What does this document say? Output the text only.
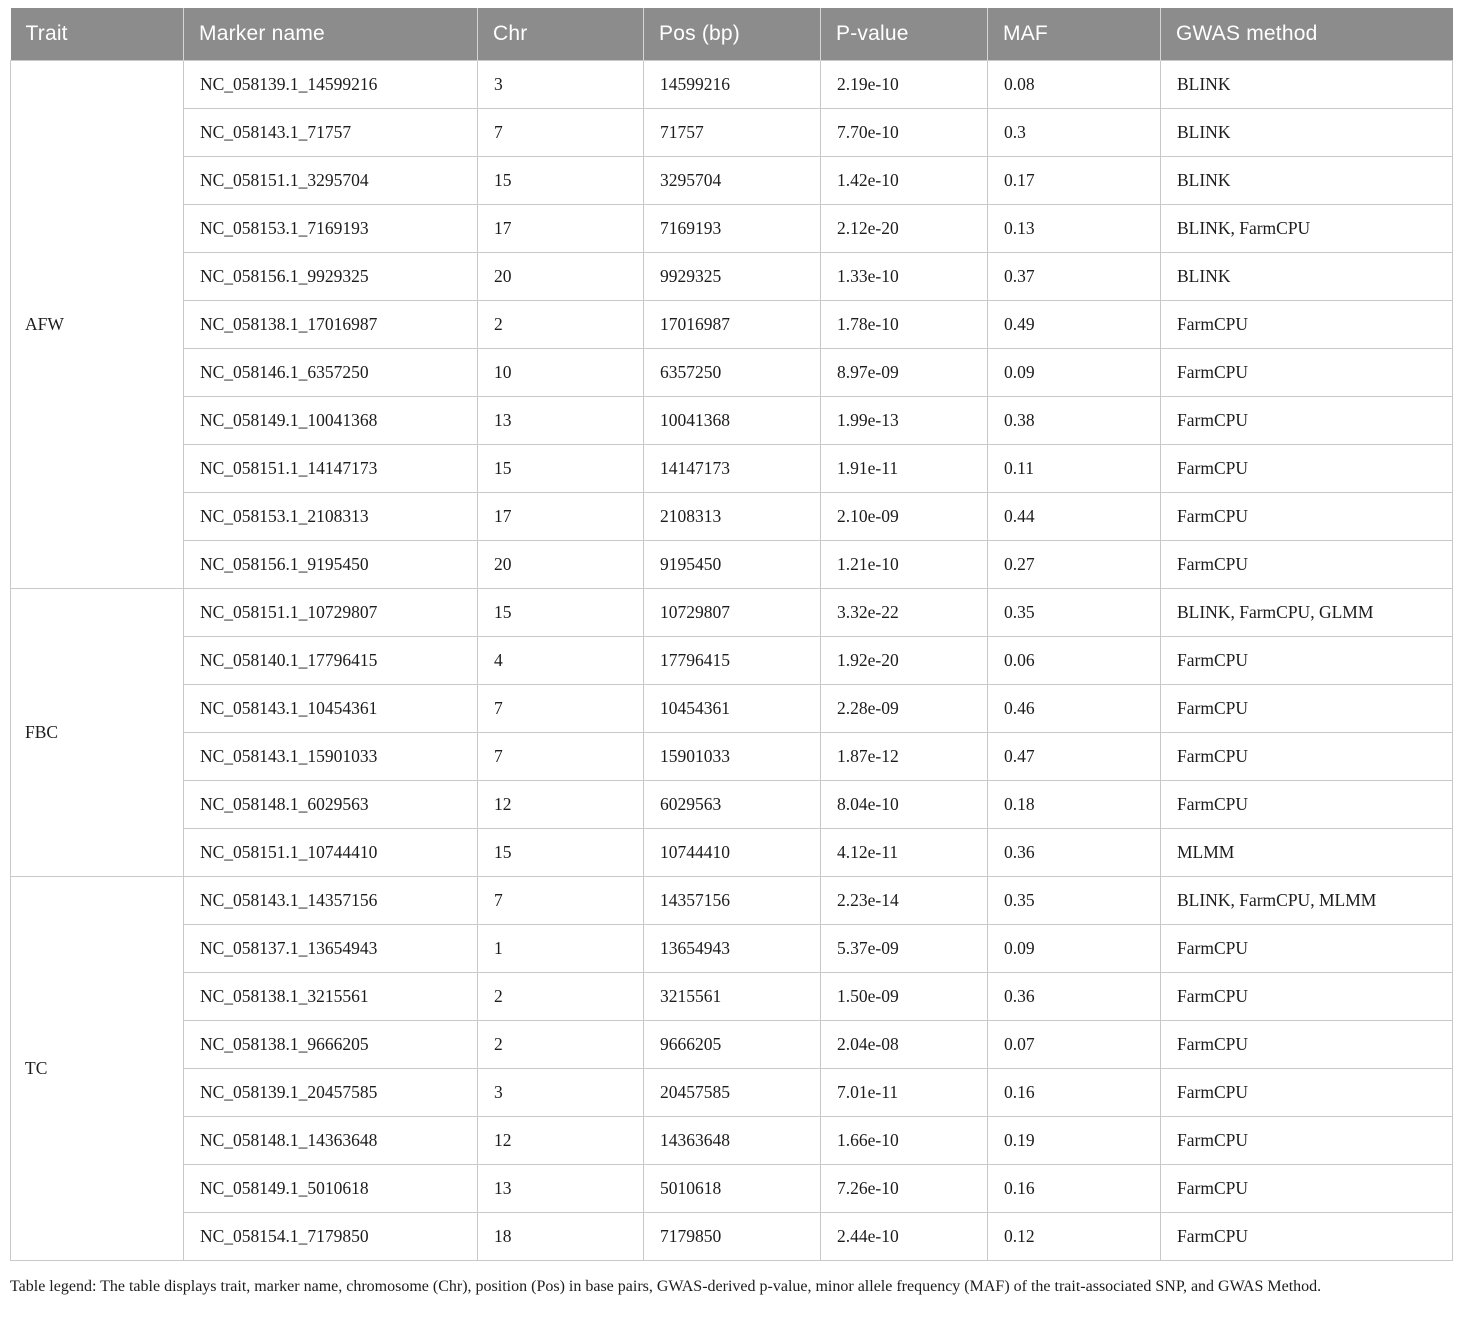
Trait	Marker name	Chr	Pos (bp)	P-value	MAF	GWAS method
AFW	NC_058139.1_14599216	3	14599216	2.19e-10	0.08	BLINK
	NC_058143.1_71757	7	71757	7.70e-10	0.3	BLINK
	NC_058151.1_3295704	15	3295704	1.42e-10	0.17	BLINK
	NC_058153.1_7169193	17	7169193	2.12e-20	0.13	BLINK, FarmCPU
	NC_058156.1_9929325	20	9929325	1.33e-10	0.37	BLINK
	NC_058138.1_17016987	2	17016987	1.78e-10	0.49	FarmCPU
	NC_058146.1_6357250	10	6357250	8.97e-09	0.09	FarmCPU
	NC_058149.1_10041368	13	10041368	1.99e-13	0.38	FarmCPU
	NC_058151.1_14147173	15	14147173	1.91e-11	0.11	FarmCPU
	NC_058153.1_2108313	17	2108313	2.10e-09	0.44	FarmCPU
	NC_058156.1_9195450	20	9195450	1.21e-10	0.27	FarmCPU
FBC	NC_058151.1_10729807	15	10729807	3.32e-22	0.35	BLINK, FarmCPU, GLMM
	NC_058140.1_17796415	4	17796415	1.92e-20	0.06	FarmCPU
	NC_058143.1_10454361	7	10454361	2.28e-09	0.46	FarmCPU
	NC_058143.1_15901033	7	15901033	1.87e-12	0.47	FarmCPU
	NC_058148.1_6029563	12	6029563	8.04e-10	0.18	FarmCPU
	NC_058151.1_10744410	15	10744410	4.12e-11	0.36	MLMM
TC	NC_058143.1_14357156	7	14357156	2.23e-14	0.35	BLINK, FarmCPU, MLMM
	NC_058137.1_13654943	1	13654943	5.37e-09	0.09	FarmCPU
	NC_058138.1_3215561	2	3215561	1.50e-09	0.36	FarmCPU
	NC_058138.1_9666205	2	9666205	2.04e-08	0.07	FarmCPU
	NC_058139.1_20457585	3	20457585	7.01e-11	0.16	FarmCPU
	NC_058148.1_14363648	12	14363648	1.66e-10	0.19	FarmCPU
	NC_058149.1_5010618	13	5010618	7.26e-10	0.16	FarmCPU
	NC_058154.1_7179850	18	7179850	2.44e-10	0.12	FarmCPU

Table legend: The table displays trait, marker name, chromosome (Chr), position (Pos) in base pairs, GWAS-derived p-value, minor allele frequency (MAF) of the trait-associated SNP, and GWAS Method.
